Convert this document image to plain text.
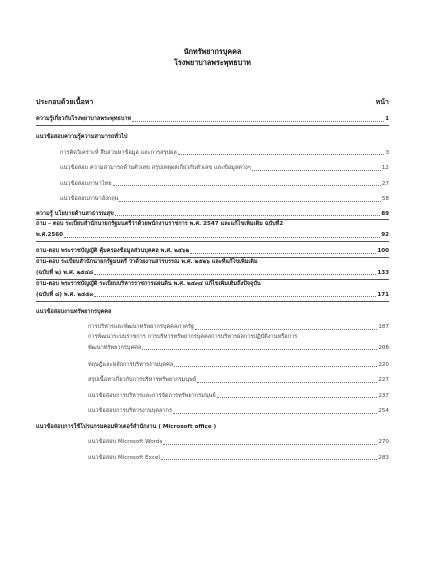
นักทรัพยากรบุคคล
โรงพยาบาลพระพุทธบาท
ประกอบด้วยเนื้อหา	หน้า
ความรู้เกี่ยวกับโรงพยาบาลพระพุทธบาท	1
แนวข้อสอบความรู้ความสามารถทั่วไป
การคิดวิเคราะห์ สืบสวนหาข้อมูล และการสรุปผล	3
แนวข้อสอบ ความสามารถด้านตัวเลข สรุปเหตุผลเกี่ยวกับตัวเลข และข้อมูลต่างๆ	12
แนวข้อสอบภาษาไทย	27
แนวข้อสอบภาษาอังกฤษ	58
ความรู้ นโยบายด้านสาธารณสุข	89
ถาม – ตอบ ระเบียบสำนักนายกรัฐมนตรีว่าด้วยพนักงานราชการ พ.ศ. 2547 และแก้ไขเพิ่มเติม ฉบับที่2
พ.ศ.2560	92
ถาม-ตอบ พระราชบัญญัติ คุ้มครองข้อมูลส่วนบุคคล พ.ศ. ๒๕๖๒	100
ถาม-ตอบ ระเบียบสำนักนายกรัฐมนตรี ว่าด้วยงานสารบรรณ พ.ศ. ๒๕๒๖ และที่แก้ไขเพิ่มเติม
(ฉบับที่ ๒) พ.ศ. ๒๕๔๘	133
ถาม-ตอบ พระราชบัญญัติ ระเบียบบริหารราชการแผ่นดิน พ.ศ. ๒๕๓๔ แก้ไขเพิ่มเติมถึงปัจจุบัน
(ฉบับที่ ๘) พ.ศ. ๒๕๕๓	171
แนวข้อสอบงานทรัพยากรบุคคล
การบริหารและพัฒนาทรัพยากรบุคคลภาครัฐ	187
การพัฒนาระบบราชการ การบริหารทรัพยากรบุคคลการบริหารผลการปฏิบัติงานหรือการ
พัฒนาทรัพยากรบุคคล	208
ทฤษฎีและหลักการบริหารงานบุคคล	220
สรุปเนื้อหาเกี่ยวกับการบริหารทรัพยากรมนุษย์	227
แนวข้อสอบการบริหารและการจัดการทรัพยากรมนุษย์	237
แนวข้อสอบการบริหารงานบุคลากร	254
แนวข้อสอบการใช้โปรแกรมคอมพิวเตอร์สำนักงาน ( Microsoft office )
แนวข้อสอบ Microsoft Words	270
แนวข้อสอบ Microsoft Excel	283
